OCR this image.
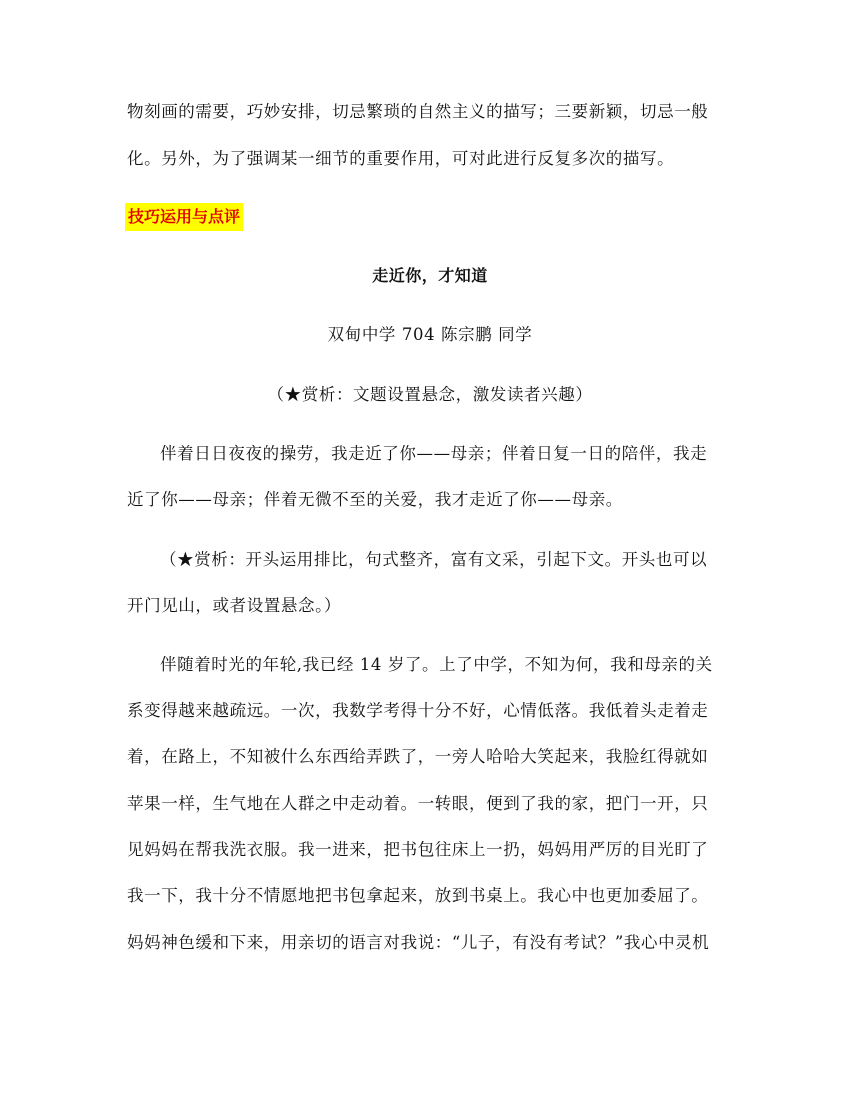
物刻画的需要，巧妙安排，切忌繁琐的自然主义的描写；三要新颖，切忌一般
化。另外，为了强调某一细节的重要作用，可对此进行反复多次的描写。
技巧运用与点评
走近你，才知道
双甸中学 704 陈宗鹏 同学
（★赏析：文题设置悬念，激发读者兴趣）
伴着日日夜夜的操劳，我走近了你——母亲；伴着日复一日的陪伴，我走
近了你——母亲；伴着无微不至的关爱，我才走近了你——母亲。
（★赏析：开头运用排比，句式整齐，富有文采，引起下文。开头也可以
开门见山，或者设置悬念。）
伴随着时光的年轮,我已经 14 岁了。上了中学，不知为何，我和母亲的关
系变得越来越疏远。一次，我数学考得十分不好，心情低落。我低着头走着走
着，在路上，不知被什么东西给弄跌了，一旁人哈哈大笑起来，我脸红得就如
苹果一样，生气地在人群之中走动着。一转眼，便到了我的家，把门一开，只
见妈妈在帮我洗衣服。我一进来，把书包往床上一扔，妈妈用严厉的目光盯了
我一下，我十分不情愿地把书包拿起来，放到书桌上。我心中也更加委屈了。
妈妈神色缓和下来，用亲切的语言对我说：“儿子，有没有考试？”我心中灵机
